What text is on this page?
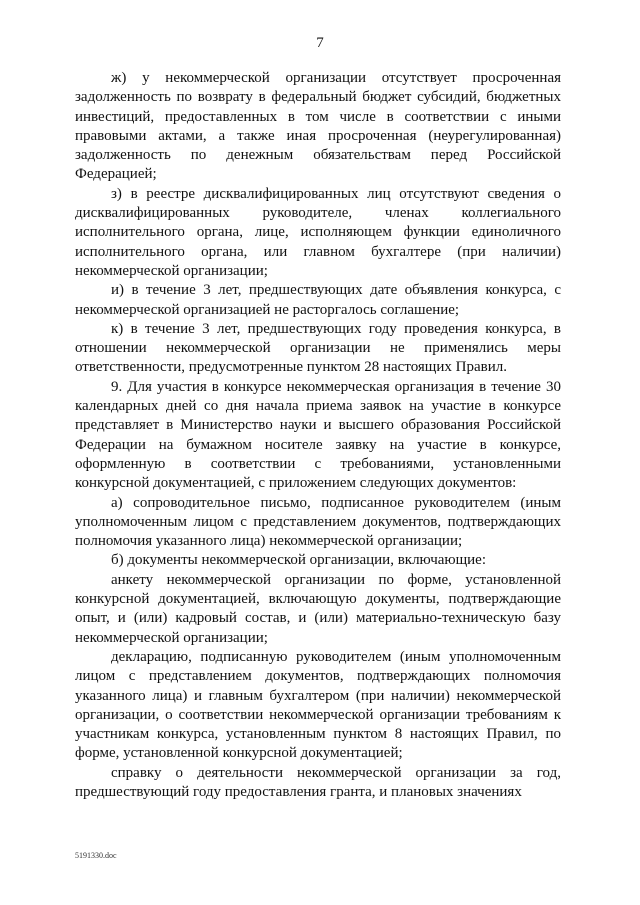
7

ж) у некоммерческой организации отсутствует просроченная задолженность по возврату в федеральный бюджет субсидий, бюджетных инвестиций, предоставленных в том числе в соответствии с иными правовыми актами, а также иная просроченная (неурегулированная) задолженность по денежным обязательствам перед Российской Федерацией;

з) в реестре дисквалифицированных лиц отсутствуют сведения о дисквалифицированных руководителе, членах коллегиального исполнительного органа, лице, исполняющем функции единоличного исполнительного органа, или главном бухгалтере (при наличии) некоммерческой организации;

и) в течение 3 лет, предшествующих дате объявления конкурса, с некоммерческой организацией не расторгалось соглашение;

к) в течение 3 лет, предшествующих году проведения конкурса, в отношении некоммерческой организации не применялись меры ответственности, предусмотренные пунктом 28 настоящих Правил.

9. Для участия в конкурсе некоммерческая организация в течение 30 календарных дней со дня начала приема заявок на участие в конкурсе представляет в Министерство науки и высшего образования Российской Федерации на бумажном носителе заявку на участие в конкурсе, оформленную в соответствии с требованиями, установленными конкурсной документацией, с приложением следующих документов:

а) сопроводительное письмо, подписанное руководителем (иным уполномоченным лицом с представлением документов, подтверждающих полномочия указанного лица) некоммерческой организации;

б) документы некоммерческой организации, включающие:

анкету некоммерческой организации по форме, установленной конкурсной документацией, включающую документы, подтверждающие опыт, и (или) кадровый состав, и (или) материально-техническую базу некоммерческой организации;

декларацию, подписанную руководителем (иным уполномоченным лицом с представлением документов, подтверждающих полномочия указанного лица) и главным бухгалтером (при наличии) некоммерческой организации, о соответствии некоммерческой организации требованиям к участникам конкурса, установленным пунктом 8 настоящих Правил, по форме, установленной конкурсной документацией;

справку о деятельности некоммерческой организации за год, предшествующий году предоставления гранта, и плановых значениях

5191330.doc
